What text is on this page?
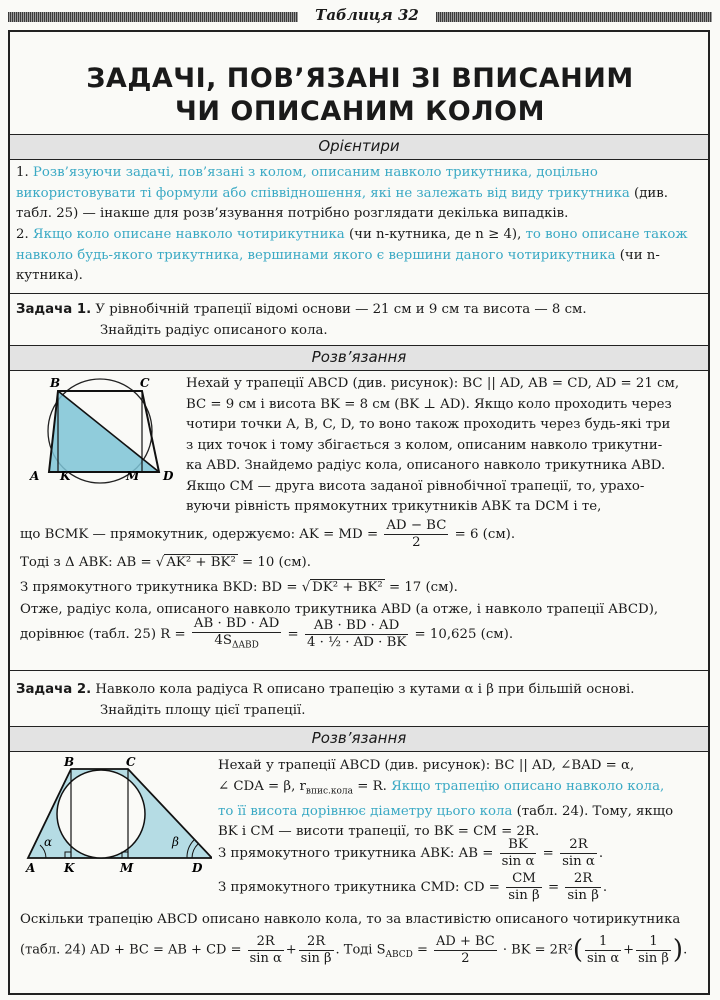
Таблиця 32
ЗАДАЧІ, ПОВ’ЯЗАНІ ЗІ ВПИСАНИМ
ЧИ ОПИСАНИМ КОЛОМ
Орієнтири
1. Розв’язуючи задачі, пов’язані з колом, описаним навколо трикутника, доцільно використовувати ті формули або співвідношення, які не залежать від виду трикутника (див. табл. 25) — інакше для розв’язування потрібно розглядати декілька випадків.
2. Якщо коло описане навколо чотирикутника (чи n-кутника, де n ≥ 4), то воно описане також навколо будь-якого трикутника, вершинами якого є вершини даного чотирикутника (чи n-кутника).
Задача 1. У рівнобічній трапеції відомі основи — 21 см и 9 см та висота — 8 см.
Знайдіть радіус описаного кола.
Розв’язання
B	C
A K	M D
Нехай у трапеції ABCD (див. рисунок): BC || AD, AB = CD, AD = 21 см,
BC = 9 см і висота BK = 8 см (BK ⊥ AD). Якщо коло проходить через
чотири точки A, B, C, D, то воно також проходить через будь-які три
з цих точок і тому збігається з колом, описаним навколо трикутни-
ка ABD. Знайдемо радіус кола, описаного навколо трикутника ABD.
Якщо CM — друга висота заданої рівнобічної трапеції, то, урахо-
вуючи рівність прямокутних трикутників ABK та DCM і те,
що BCMK — прямокутник, одержуємо: AK = MD = $\frac{AD - BC}{2} = 6$ (см).
Тоді з Δ ABK: AB = √ AK² + BK² = 10 (см).
З прямокутного трикутника BKD: BD = √ DK² + BK² = 17 (см).
Отже, радіус кола, описаного навколо трикутника ABD (а отже, і навколо трапеції ABCD),
дорівнює (табл. 25) $R = \frac{AB \cdot BD \cdot AD}{4S_{\Delta ABD}} = \frac{AB \cdot BD \cdot AD}{\text{4 · ½ · AD · BK}} = 10,625$ (см).
Задача 2. Навколо кола радіуса R описано трапецію з кутами α і β при більшій основі.
Знайдіть площу цієї трапеції.
Розв’язання
B	C
A K	M	D
α	β
Нехай у трапеції ABCD (див. рисунок): BC || AD, ∠BAD = α,
∠ CDA = β, $r_{впис.кола} = R$. Якщо трапецію описано навколо кола,
то її висота дорівнює діаметру цього кола (табл. 24). Тому, якщо
BK і CM — висоти трапеції, то BK = CM = 2R.
З прямокутного трикутника ABK: AB = $\frac{BK}{\text{sin α}} = \frac{2R}{\text{sin α}}$ .
З прямокутного трикутника CMD: CD = $\frac{CM}{\text{sin β}} = \frac{2R}{\text{sin β}}$ .
Оскільки трапецію ABCD описано навколо кола, то за властивістю описаного чотирикутника
(табл. 24) AD + BC = AB + CD = $\frac{2R}{\text{sin α}} + \frac{2R}{\text{sin β}}$ . Тоді $S_{ABCD} = \frac{AD + BC}{2}$ · BK = $2R^2( \frac{1}{\text{sin α}} + \frac{1}{\text{sin β}}$ ).
